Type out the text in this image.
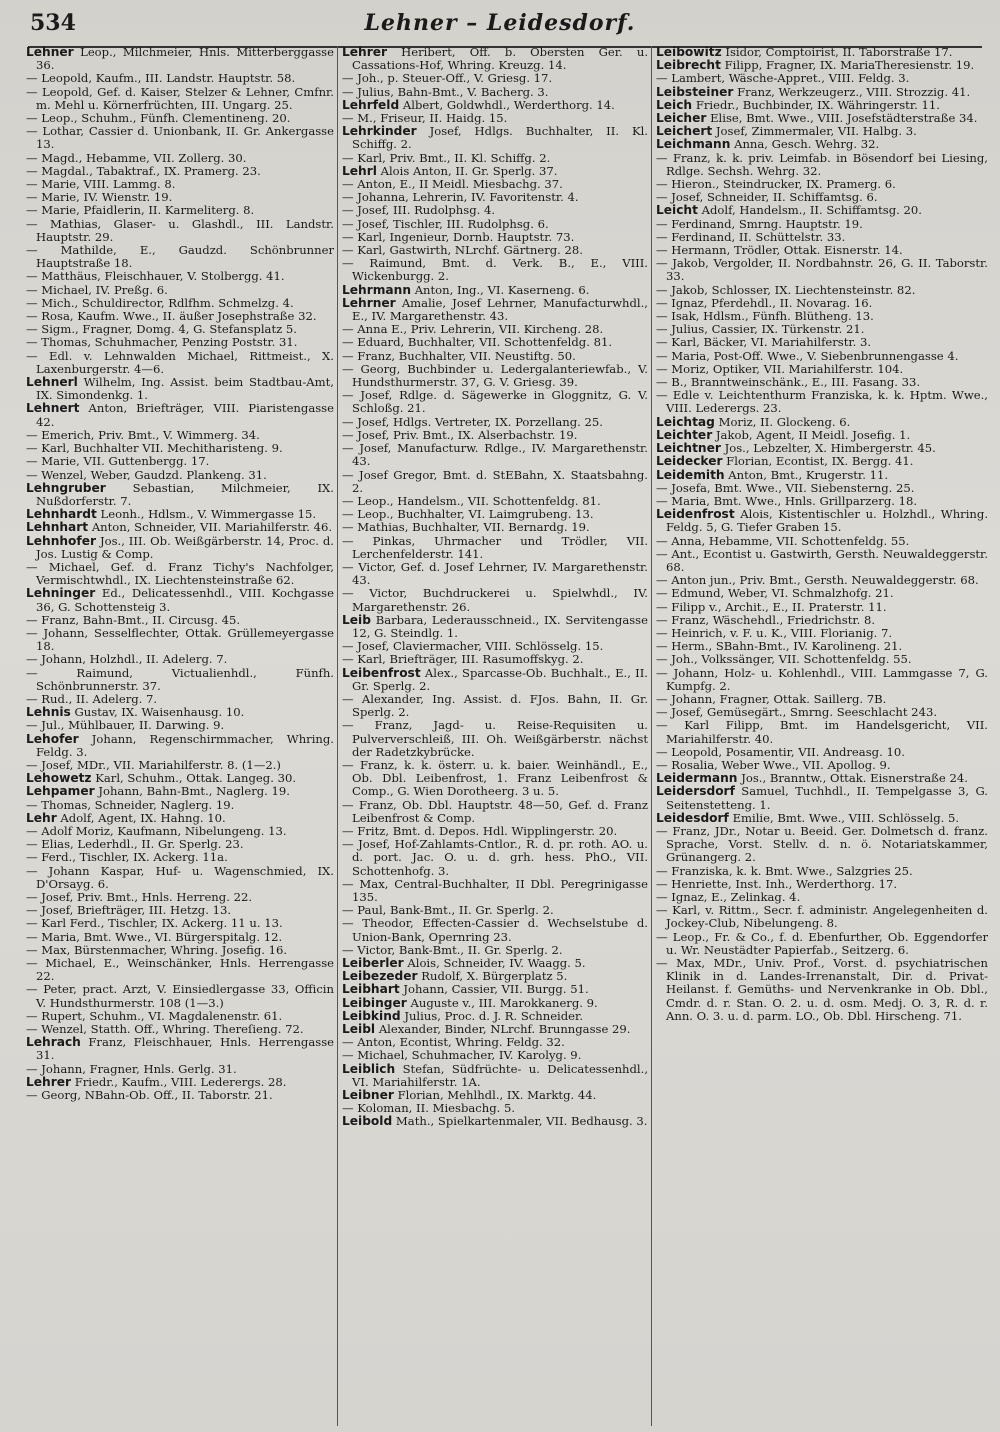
534	Lehner – Leidesdorf.

Lehner Leop., Milchmeier, Hnls. Mitterberggasse 36.

— Leopold, Kaufm., III. Landstr. Hauptstr. 58.

— Leopold, Gef. d. Kaiser, Stelzer & Lehner, Cmfnr. m. Mehl u. Körnerfrüchten, III. Ungarg. 25.

— Leop., Schuhm., Fünfh. Clementineng. 20.

— Lothar, Cassier d. Unionbank, II. Gr. Ankergasse 13.

— Magd., Hebamme, VII. Zollerg. 30.

— Magdal., Tabaktraf., IX. Pramerg. 23.

— Marie, VIII. Lammg. 8.

— Marie, IV. Wienstr. 19.

— Marie, Pfaidlerin, II. Karmeliterg. 8.

— Mathias, Glaser- u. Glashdl., III. Landstr. Hauptstr. 29.

— Mathilde, E., Gaudzd. Schönbrunner Hauptstraße 18.

— Matthäus, Fleischhauer, V. Stolbergg. 41.

— Michael, IV. Preßg. 6.

— Mich., Schuldirector, Rdlfhm. Schmelzg. 4.

— Rosa, Kaufm. Wwe., II. äußer Josephstraße 32.

— Sigm., Fragner, Domg. 4, G. Stefansplatz 5.

— Thomas, Schuhmacher, Penzing Poststr. 31.

— Edl. v. Lehnwalden Michael, Rittmeist., X. Laxenburgerstr. 4—6.

Lehnerl Wilhelm, Ing. Assist. beim Stadtbau-Amt, IX. Simondenkg. 1.

Lehnert Anton, Briefträger, VIII. Piaristengasse 42.

— Emerich, Priv. Bmt., V. Wimmerg. 34.

— Karl, Buchhalter VII. Mechitharisteng. 9.

— Marie, VII. Guttenbergg. 17.

— Wenzel, Weber, Gaudzd. Plankeng. 31.

Lehngruber Sebastian, Milchmeier, IX. Nußdorferstr. 7.

Lehnhardt Leonh., Hdlsm., V. Wimmergasse 15.

Lehnhart Anton, Schneider, VII. Mariahilferstr. 46.

Lehnhofer Jos., III. Ob. Weißgärberstr. 14, Proc. d. Jos. Lustig & Comp.

— Michael, Gef. d. Franz Tichy's Nachfolger, Vermischtwhdl., IX. Liechtensteinstraße 62.

Lehninger Ed., Delicatessenhdl., VIII. Kochgasse 36, G. Schottensteig 3.

— Franz, Bahn-Bmt., II. Circusg. 45.

— Johann, Sesselflechter, Ottak. Grüllemeyergasse 18.

— Johann, Holzhdl., II. Adelerg. 7.

— Raimund, Victualienhdl., Fünfh. Schönbrunnerstr. 37.

— Rud., II. Adelerg. 7.

Lehnis Gustav, IX. Waisenhausg. 10.

— Jul., Mühlbauer, II. Darwing. 9.

Lehofer Johann, Regenschirmmacher, Whring. Feldg. 3.

— Josef, MDr., VII. Mariahilferstr. 8. (1—2.)

Lehowetz Karl, Schuhm., Ottak. Langeg. 30.

Lehpamer Johann, Bahn-Bmt., Naglerg. 19.

— Thomas, Schneider, Naglerg. 19.

Lehr Adolf, Agent, IX. Hahng. 10.

— Adolf Moriz, Kaufmann, Nibelungeng. 13.

— Elias, Lederhdl., II. Gr. Sperlg. 23.

— Ferd., Tischler, IX. Ackerg. 11a.

— Johann Kaspar, Huf- u. Wagenschmied, IX. D'Orsayg. 6.

— Josef, Priv. Bmt., Hnls. Herreng. 22.

— Josef, Briefträger, III. Hetzg. 13.

— Karl Ferd., Tischler, IX. Ackerg. 11 u. 13.

— Maria, Bmt. Wwe., VI. Bürgerspitalg. 12.

— Max, Bürstenmacher, Whring. Josefig. 16.

— Michael, E., Weinschänker, Hnls. Herrengasse 22.

— Peter, pract. Arzt, V. Einsiedlergasse 33, Officin V. Hundsthurmerstr. 108 (1—3.)

— Rupert, Schuhm., VI. Magdalenenstr. 61.

— Wenzel, Statth. Off., Whring. Thereſieng. 72.

Lehrach Franz, Fleischhauer, Hnls. Herrengasse 31.

— Johann, Fragner, Hnls. Gerlg. 31.

Lehrer Friedr., Kaufm., VIII. Lederergs. 28.

— Georg, NBahn-Ob. Off., II. Taborstr. 21.

Lehrer Heribert, Off. b. Obersten Ger. u. Cassations-Hof, Whring. Kreuzg. 14.

— Joh., p. Steuer-Off., V. Griesg. 17.

— Julius, Bahn-Bmt., V. Bacherg. 3.

Lehrfeld Albert, Goldwhdl., Werderthorg. 14.

— M., Friseur, II. Haidg. 15.

Lehrkinder Josef, Hdlgs. Buchhalter, II. Kl. Schiffg. 2.

— Karl, Priv. Bmt., II. Kl. Schiffg. 2.

Lehrl Alois Anton, II. Gr. Sperlg. 37.

— Anton, E., II Meidl. Miesbachg. 37.

— Johanna, Lehrerin, IV. Favoritenstr. 4.

— Josef, III. Rudolphsg. 4.

— Josef, Tischler, III. Rudolphsg. 6.

— Karl, Ingenieur, Dornb. Hauptstr. 73.

— Karl, Gastwirth, NLrchf. Gärtnerg. 28.

— Raimund, Bmt. d. Verk. B., E., VIII. Wickenburgg. 2.

Lehrmann Anton, Ing., VI. Kaserneng. 6.

Lehrner Amalie, Josef Lehrner, Manufacturwhdl., E., IV. Margarethenstr. 43.

— Anna E., Priv. Lehrerin, VII. Kircheng. 28.

— Eduard, Buchhalter, VII. Schottenfeldg. 81.

— Franz, Buchhalter, VII. Neustiftg. 50.

— Georg, Buchbinder u. Ledergalanteriewfab., V. Hundsthurmerstr. 37, G. V. Griesg. 39.

— Josef, Rdlge. d. Sägewerke in Gloggnitz, G. V. Schloßg. 21.

— Josef, Hdlgs. Vertreter, IX. Porzellang. 25.

— Josef, Priv. Bmt., IX. Alserbachstr. 19.

— Josef, Manufacturw. Rdlge., IV. Margarethenstr. 43.

— Josef Gregor, Bmt. d. StEBahn, X. Staatsbahng. 2.

— Leop., Handelsm., VII. Schottenfeldg. 81.

— Leop., Buchhalter, VI. Laimgrubeng. 13.

— Mathias, Buchhalter, VII. Bernardg. 19.

— Pinkas, Uhrmacher und Trödler, VII. Lerchenfelderstr. 141.

— Victor, Gef. d. Josef Lehrner, IV. Margarethenstr. 43.

— Victor, Buchdruckerei u. Spielwhdl., IV. Margarethenstr. 26.

Leib Barbara, Lederausschneid., IX. Servitengasse 12, G. Steindlg. 1.

— Josef, Claviermacher, VIII. Schlösselg. 15.

— Karl, Briefträger, III. Rasumoffskyg. 2.

Leibenfrost Alex., Sparcasse-Ob. Buchhalt., E., II. Gr. Sperlg. 2.

— Alexander, Ing. Assist. d. FJos. Bahn, II. Gr. Sperlg. 2.

— Franz, Jagd- u. Reise-Requisiten u. Pulververschleiß, III. Oh. Weißgärberstr. nächst der Radetzkybrücke.

— Franz, k. k. österr. u. k. baier. Weinhändl., E., Ob. Dbl. Leibenfrost, 1. Franz Leibenfrost & Comp., G. Wien Dorotheerg. 3 u. 5.

— Franz, Ob. Dbl. Hauptstr. 48—50, Gef. d. Franz Leibenfrost & Comp.

— Fritz, Bmt. d. Depos. Hdl. Wipplingerstr. 20.

— Josef, Hof-Zahlamts-Cntlor., R. d. pr. roth. AO. u. d. port. Jac. O. u. d. grh. hess. PhO., VII. Schottenhofg. 3.

— Max, Central-Buchhalter, II Dbl. Peregrinigasse 135.

— Paul, Bank-Bmt., II. Gr. Sperlg. 2.

— Theodor, Effecten-Cassier d. Wechselstube d. Union-Bank, Opernring 23.

— Victor, Bank-Bmt., II. Gr. Sperlg. 2.

Leiberler Alois, Schneider, IV. Waagg. 5.

Leibezeder Rudolf, X. Bürgerplatz 5.

Leibhart Johann, Cassier, VII. Burgg. 51.

Leibinger Auguste v., III. Marokkanerg. 9.

Leibkind Julius, Proc. d. J. R. Schneider.

Leibl Alexander, Binder, NLrchf. Brunngasse 29.

— Anton, Econtist, Whring. Feldg. 32.

— Michael, Schuhmacher, IV. Karolyg. 9.

Leiblich Stefan, Südfrüchte- u. Delicatessenhdl., VI. Mariahilferstr. 1A.

Leibner Florian, Mehlhdl., IX. Marktg. 44.

— Koloman, II. Miesbachg. 5.

Leibold Math., Spielkartenmaler, VII. Bedhausg. 3.

Leibowitz Isidor, Comptoirist, II. Taborstraße 17.

Leibrecht Filipp, Fragner, IX. MariaTheresienstr. 19.

— Lambert, Wäsche-Appret., VIII. Feldg. 3.

Leibsteiner Franz, Werkzeugerz., VIII. Strozzig. 41.

Leich Friedr., Buchbinder, IX. Währingerstr. 11.

Leicher Elise, Bmt. Wwe., VIII. Josefstädterstraße 34.

Leichert Josef, Zimmermaler, VII. Halbg. 3.

Leichmann Anna, Gesch. Wehrg. 32.

— Franz, k. k. priv. Leimfab. in Bösendorf bei Liesing, Rdlge. Sechsh. Wehrg. 32.

— Hieron., Steindrucker, IX. Pramerg. 6.

— Josef, Schneider, II. Schiffamtsg. 6.

Leicht Adolf, Handelsm., II. Schiffamtsg. 20.

— Ferdinand, Smrng. Hauptstr. 19.

— Ferdinand, II. Schüttelstr. 33.

— Hermann, Trödler, Ottak. Eisnerstr. 14.

— Jakob, Vergolder, II. Nordbahnstr. 26, G. II. Taborstr. 33.

— Jakob, Schlosser, IX. Liechtensteinstr. 82.

— Ignaz, Pferdehdl., II. Novarag. 16.

— Isak, Hdlsm., Fünfh. Blütheng. 13.

— Julius, Cassier, IX. Türkenstr. 21.

— Karl, Bäcker, VI. Mariahilferstr. 3.

— Maria, Post-Off. Wwe., V. Siebenbrunnengasse 4.

— Moriz, Optiker, VII. Mariahilferstr. 104.

— B., Branntweinschänk., E., III. Fasang. 33.

— Edle v. Leichtenthurm Franziska, k. k. Hptm. Wwe., VIII. Lederergs. 23.

Leichtag Moriz, II. Glockeng. 6.

Leichter Jakob, Agent, II Meidl. Josefig. 1.

Leichtner Jos., Lebzelter, X. Himbergerstr. 45.

Leidecker Florian, Econtist, IX. Bergg. 41.

Leidemith Anton, Bmt., Krugerstr. 11.

— Josefa, Bmt. Wwe., VII. Siebensterng. 25.

— Maria, Bmt. Wwe., Hnls. Grillparzerg. 18.

Leidenfrost Alois, Kistentischler u. Holzhdl., Whring. Feldg. 5, G. Tiefer Graben 15.

— Anna, Hebamme, VII. Schottenfeldg. 55.

— Ant., Econtist u. Gastwirth, Gersth. Neuwaldeggerstr. 68.

— Anton jun., Priv. Bmt., Gersth. Neuwaldeggerstr. 68.

— Edmund, Weber, VI. Schmalzhofg. 21.

— Filipp v., Archit., E., II. Praterstr. 11.

— Franz, Wäschehdl., Friedrichstr. 8.

— Heinrich, v. F. u. K., VIII. Florianig. 7.

— Herm., SBahn-Bmt., IV. Karolineng. 21.

— Joh., Volkssänger, VII. Schottenfeldg. 55.

— Johann, Holz- u. Kohlenhdl., VIII. Lammgasse 7, G. Kumpfg. 2.

— Johann, Fragner, Ottak. Saillerg. 7B.

— Josef, Gemüsegärt., Smrng. Seeschlacht 243.

— Karl Filipp, Bmt. im Handelsgericht, VII. Mariahilferstr. 40.

— Leopold, Posamentir, VII. Andreasg. 10.

— Rosalia, Weber Wwe., VII. Apollog. 9.

Leidermann Jos., Branntw., Ottak. Eisnerstraße 24.

Leidersdorf Samuel, Tuchhdl., II. Tempelgasse 3, G. Seitenstetteng. 1.

Leidesdorf Emilie, Bmt. Wwe., VIII. Schlösselg. 5.

— Franz, JDr., Notar u. Beeid. Ger. Dolmetsch d. franz. Sprache, Vorst. Stellv. d. n. ö. Notariatskammer, Grünangerg. 2.

— Franziska, k. k. Bmt. Wwe., Salzgries 25.

— Henriette, Inst. Inh., Werderthorg. 17.

— Ignaz, E., Zelinkag. 4.

— Karl, v. Rittm., Secr. f. administr. Angelegenheiten d. Jockey-Club, Nibelungeng. 8.

— Leop., Fr. & Co., f. d. Ebenfurther, Ob. Eggendorfer u. Wr. Neustädter Papierfab., Seitzerg. 6.

— Max, MDr., Univ. Prof., Vorst. d. psychiatrischen Klinik in d. Landes-Irrenanstalt, Dir. d. Privat-Heilanst. f. Gemüths- und Nervenkranke in Ob. Dbl., Cmdr. d. r. Stan. O. 2. u. d. osm. Medj. O. 3, R. d. r. Ann. O. 3. u. d. parm. LO., Ob. Dbl. Hirscheng. 71.
